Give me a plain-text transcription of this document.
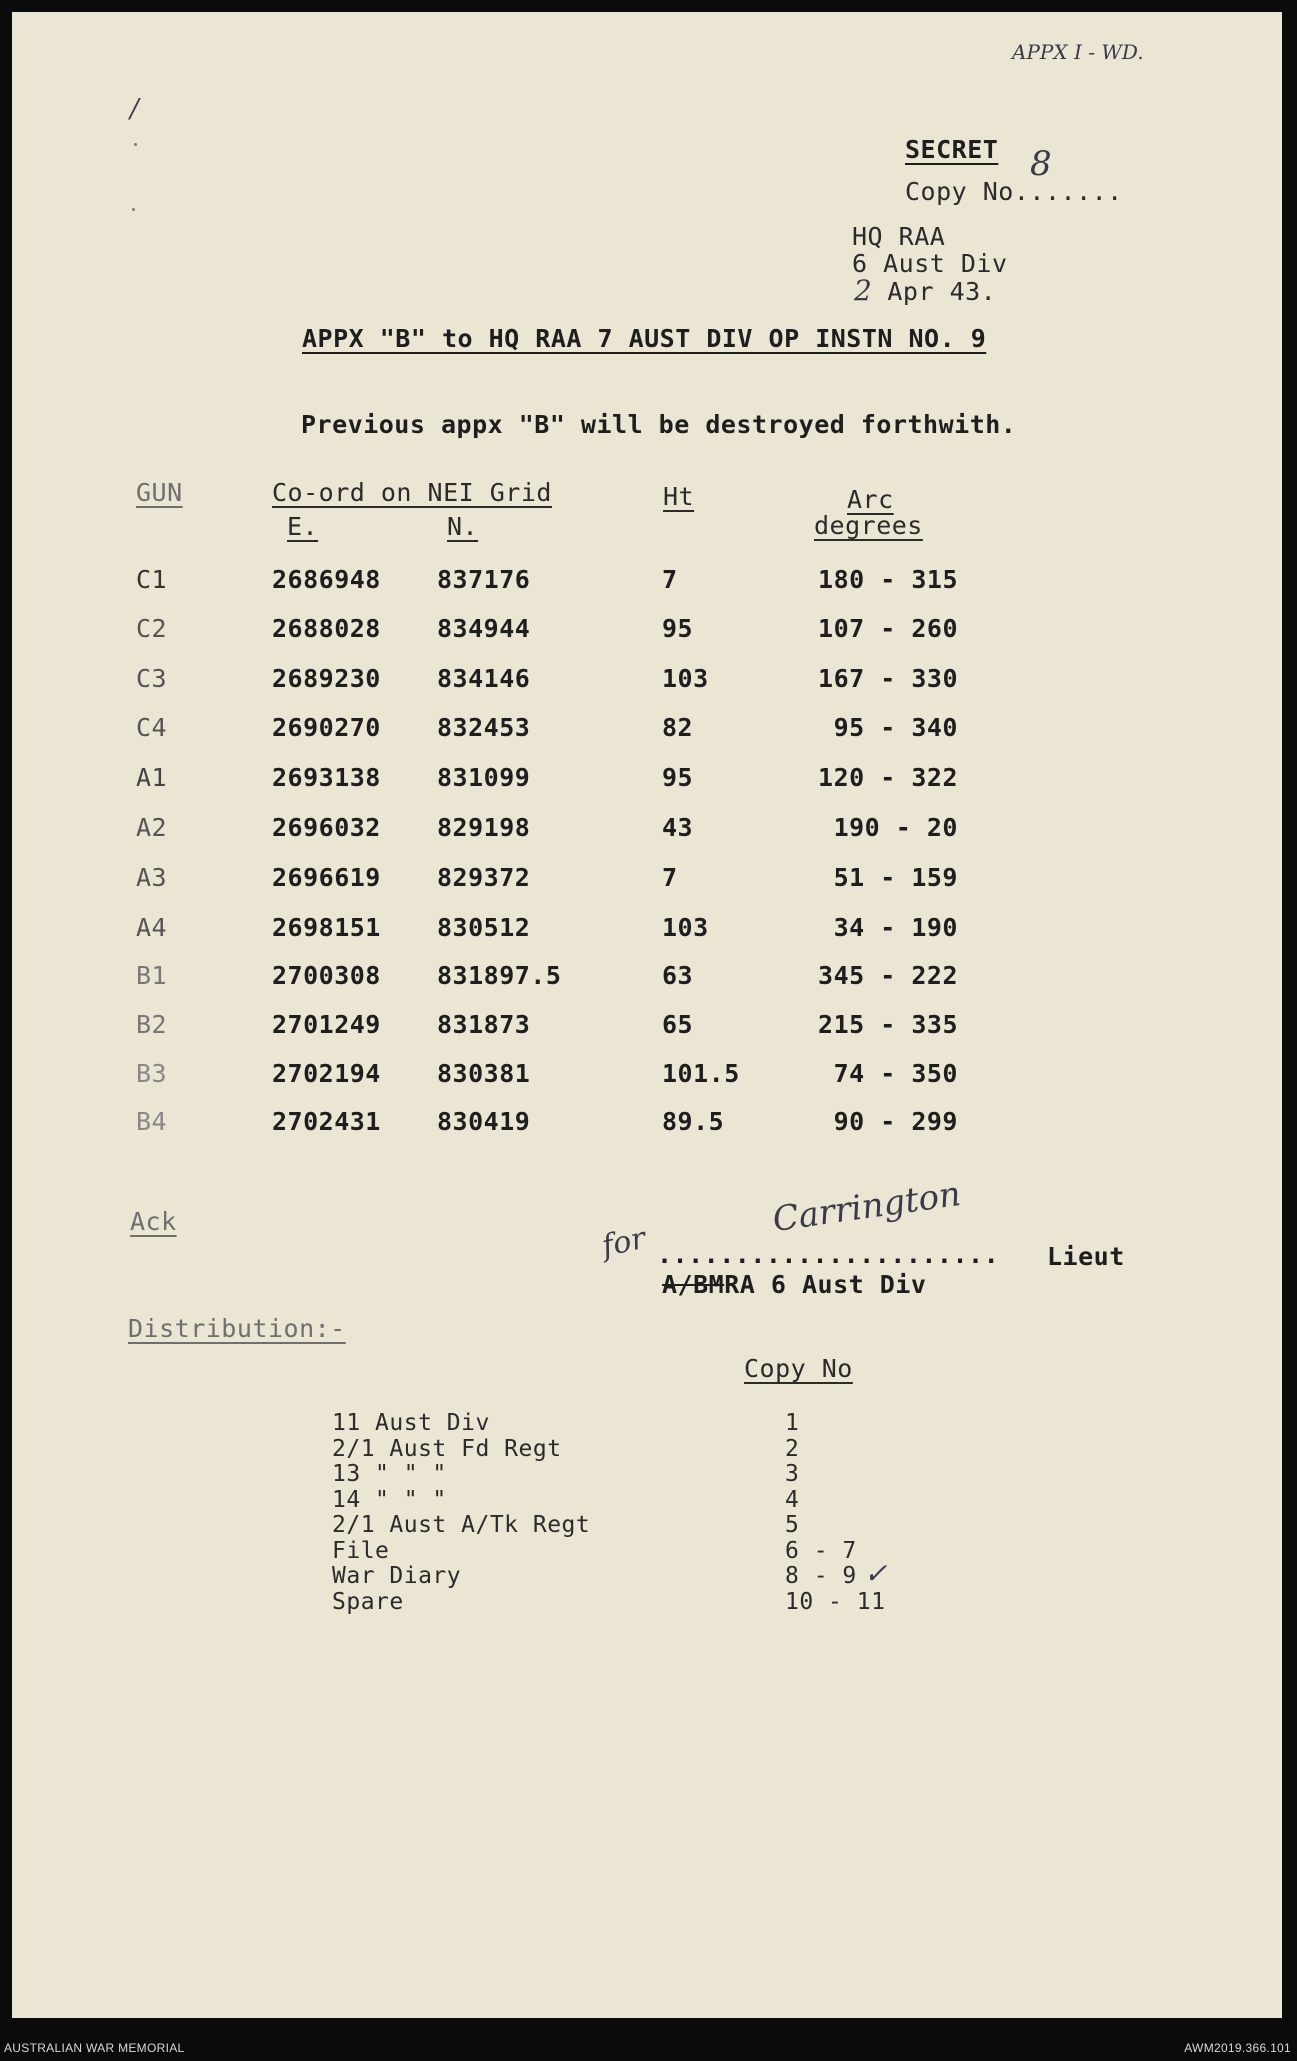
/
APPX I - WD.
SECRET
Copy No.......
8
HQ RAA
6 Aust Div
2 Apr 43.
APPX "B" to HQ RAA 7 AUST DIV OP INSTN NO. 9
Previous appx "B" will be destroyed forthwith.
GUN	Co-ord on NEI Grid
E.	N.
Ht	Arc
degrees
C1	2686948 837176	7	180 - 315
C2	2688028 834944	95	107 - 260
C3	2689230 834146	103	167 - 330
C4	2690270 832453	82	95 - 340
A1	2693138 831099	95	120 - 322
A2	2696032 829198	43	190 - 20
A3	2696619 829372	7	51 - 159
A4	2698151 830512	103	34 - 190
B1	2700308 831897.5	63	345 - 222
B2	2701249 831873	65	215 - 335
B3	2702194 830381	101.5	74 - 350
B4	2702431 830419	89.5	90 - 299
Ack	for ......................
Carrington
Lieut
A/BMRA 6 Aust Div
Distribution:-
Copy No
11 Aust Div	1
2/1 Aust Fd Regt	2
13 " " "	3
14 " " "	4
2/1 Aust A/Tk Regt	5
File	6 - 7
War Diary	8 - 9 ✓
Spare	10 - 11
AUSTRALIAN WAR MEMORIAL	AWM2019.366.101
